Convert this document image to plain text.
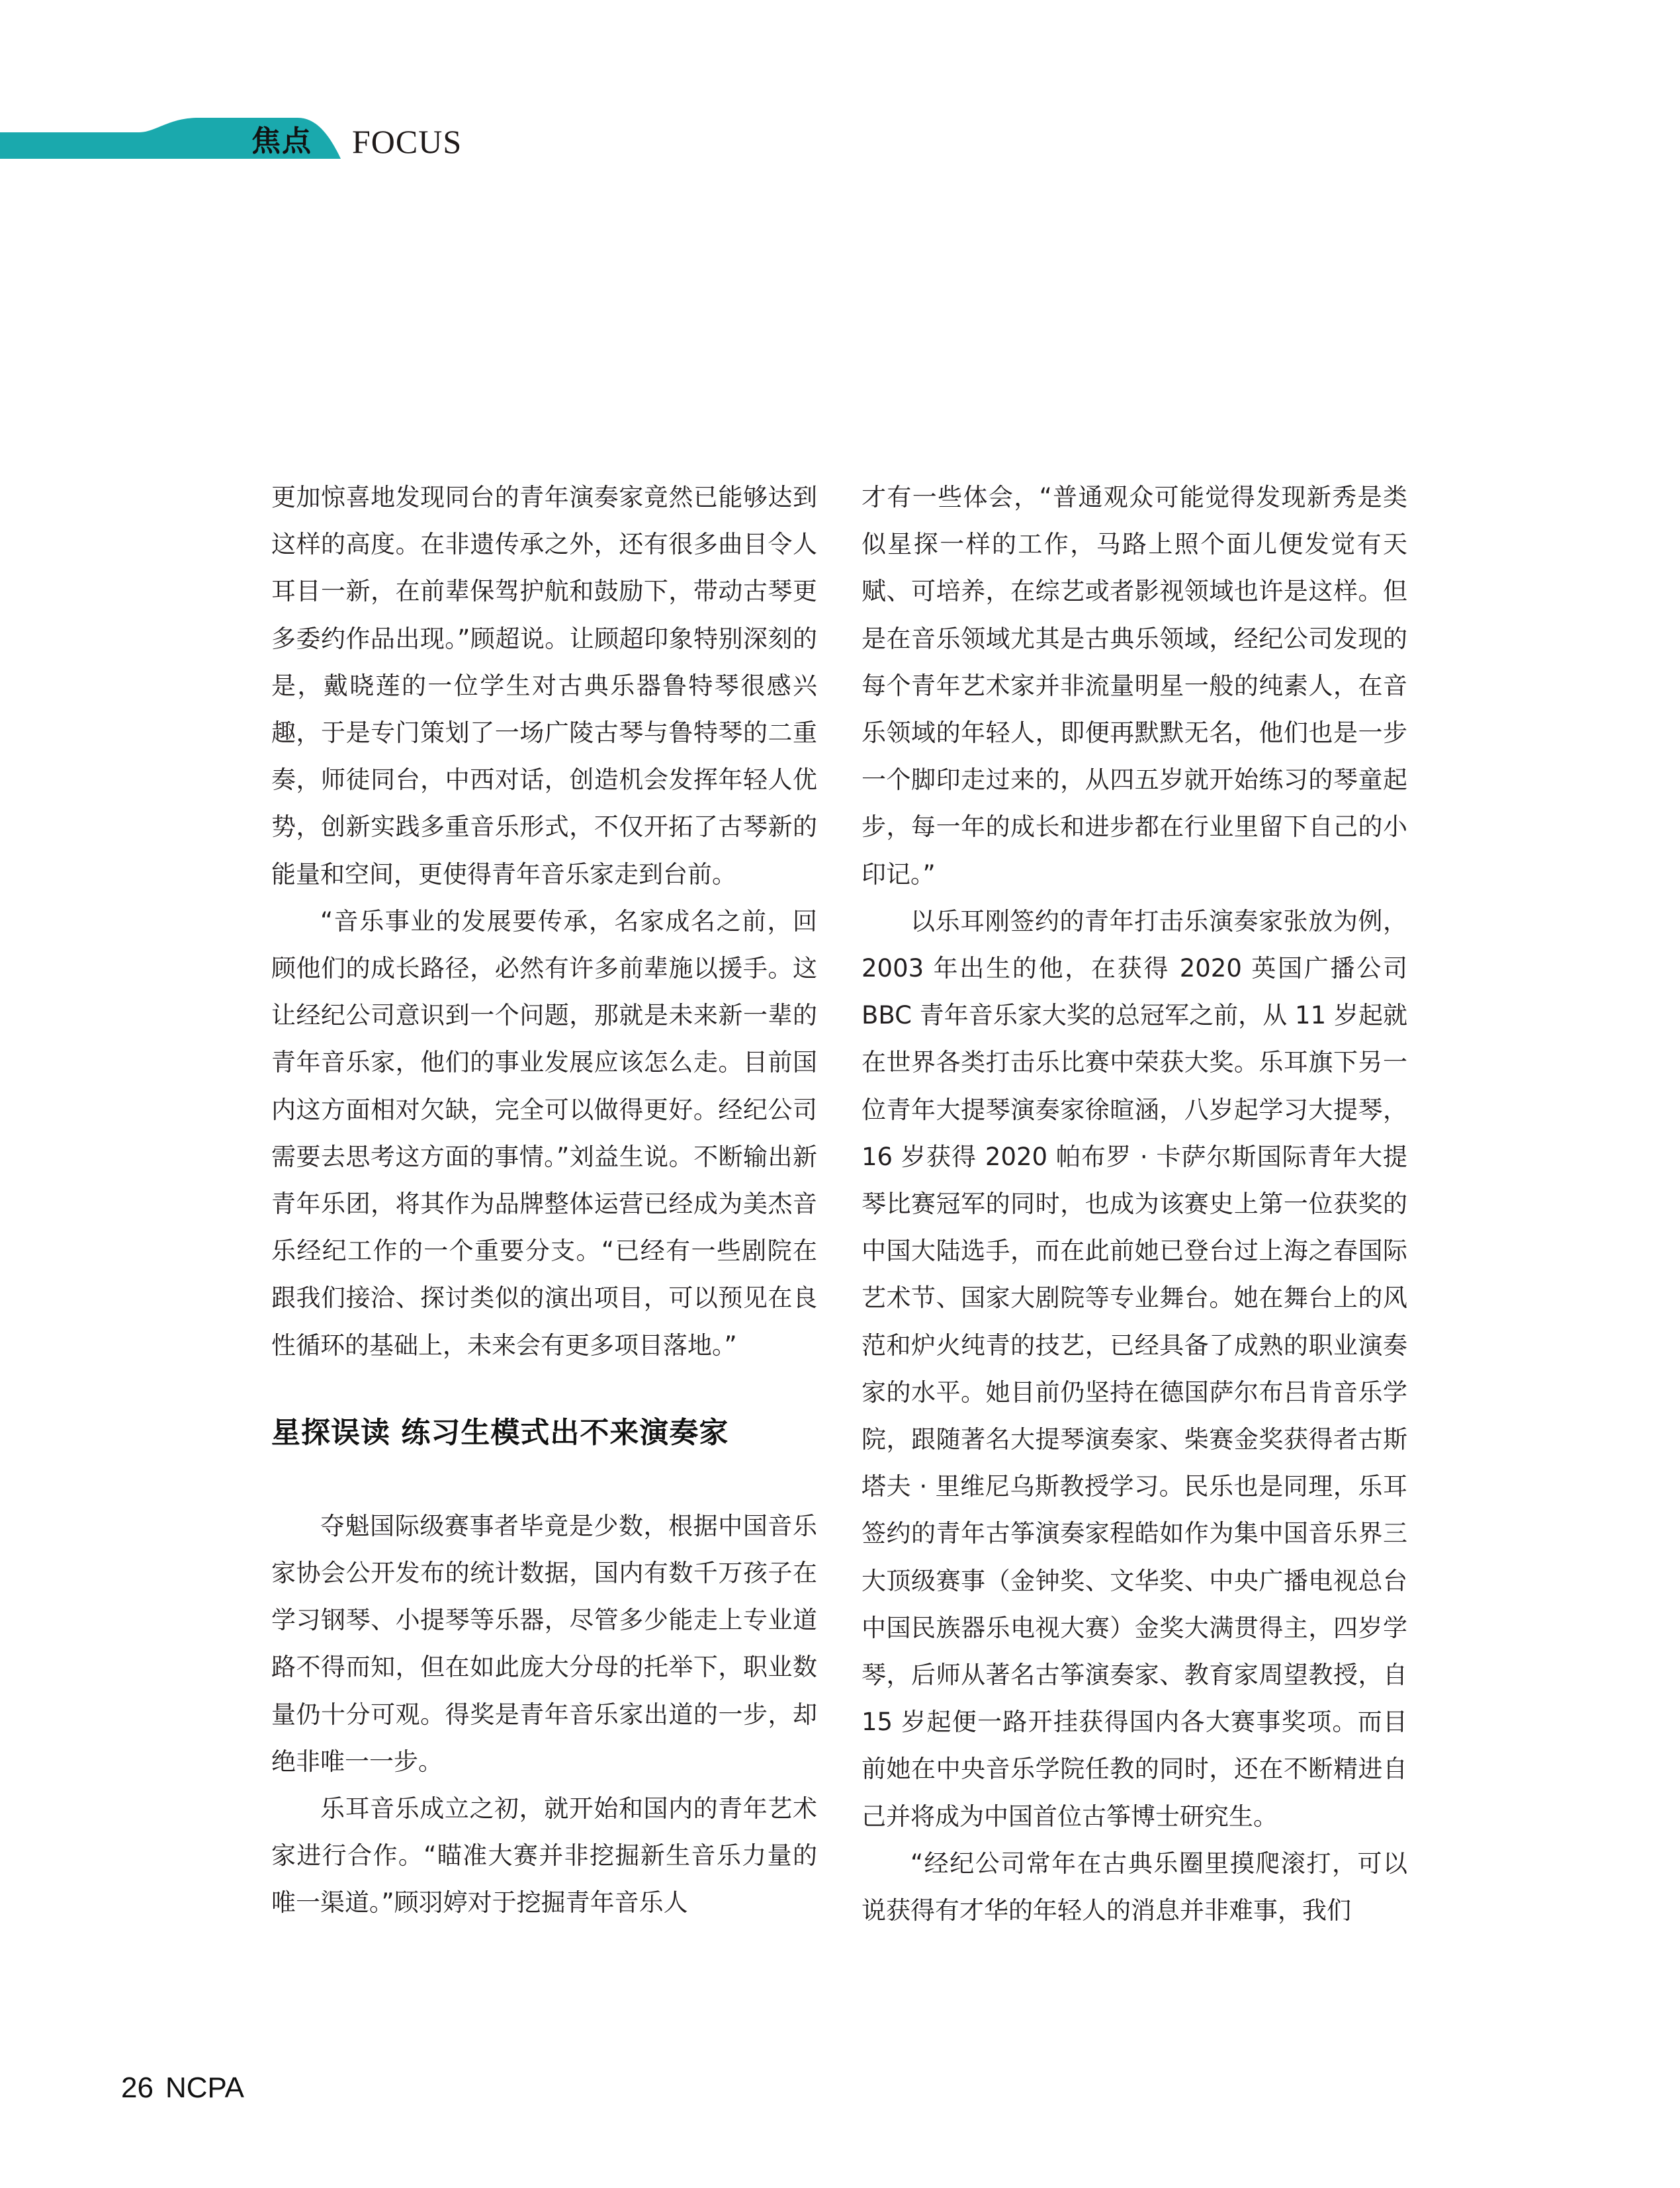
焦点 FOCUS

更加惊喜地发现同台的青年演奏家竟然已能够达到这样的高度。在非遗传承之外，还有很多曲目令人耳目一新，在前辈保驾护航和鼓励下，带动古琴更多委约作品出现。”顾超说。让顾超印象特别深刻的是，戴晓莲的一位学生对古典乐器鲁特琴很感兴趣，于是专门策划了一场广陵古琴与鲁特琴的二重奏，师徒同台，中西对话，创造机会发挥年轻人优势，创新实践多重音乐形式，不仅开拓了古琴新的能量和空间，更使得青年音乐家走到台前。

“音乐事业的发展要传承，名家成名之前，回顾他们的成长路径，必然有许多前辈施以援手。这让经纪公司意识到一个问题，那就是未来新一辈的青年音乐家，他们的事业发展应该怎么走。目前国内这方面相对欠缺，完全可以做得更好。经纪公司需要去思考这方面的事情。”刘益生说。不断输出新青年乐团，将其作为品牌整体运营已经成为美杰音乐经纪工作的一个重要分支。“已经有一些剧院在跟我们接洽、探讨类似的演出项目，可以预见在良性循环的基础上，未来会有更多项目落地。”

星探误读 练习生模式出不来演奏家

夺魁国际级赛事者毕竟是少数，根据中国音乐家协会公开发布的统计数据，国内有数千万孩子在学习钢琴、小提琴等乐器，尽管多少能走上专业道路不得而知，但在如此庞大分母的托举下，职业数量仍十分可观。得奖是青年音乐家出道的一步，却绝非唯一一步。

乐耳音乐成立之初，就开始和国内的青年艺术家进行合作。“瞄准大赛并非挖掘新生音乐力量的唯一渠道。”顾羽婷对于挖掘青年音乐人

才有一些体会，“普通观众可能觉得发现新秀是类似星探一样的工作，马路上照个面儿便发觉有天赋、可培养，在综艺或者影视领域也许是这样。但是在音乐领域尤其是古典乐领域，经纪公司发现的每个青年艺术家并非流量明星一般的纯素人，在音乐领域的年轻人，即便再默默无名，他们也是一步一个脚印走过来的，从四五岁就开始练习的琴童起步，每一年的成长和进步都在行业里留下自己的小印记。”

以乐耳刚签约的青年打击乐演奏家张放为例，2003 年出生的他，在获得 2020 英国广播公司 BBC 青年音乐家大奖的总冠军之前，从 11 岁起就在世界各类打击乐比赛中荣获大奖。乐耳旗下另一位青年大提琴演奏家徐暄涵，八岁起学习大提琴，16 岁获得 2020 帕布罗 · 卡萨尔斯国际青年大提琴比赛冠军的同时，也成为该赛史上第一位获奖的中国大陆选手，而在此前她已登台过上海之春国际艺术节、国家大剧院等专业舞台。她在舞台上的风范和炉火纯青的技艺，已经具备了成熟的职业演奏家的水平。她目前仍坚持在德国萨尔布吕肯音乐学院，跟随著名大提琴演奏家、柴赛金奖获得者古斯塔夫 · 里维尼乌斯教授学习。民乐也是同理，乐耳签约的青年古筝演奏家程皓如作为集中国音乐界三大顶级赛事（金钟奖、文华奖、中央广播电视总台中国民族器乐电视大赛）金奖大满贯得主，四岁学琴，后师从著名古筝演奏家、教育家周望教授，自 15 岁起便一路开挂获得国内各大赛事奖项。而目前她在中央音乐学院任教的同时，还在不断精进自己并将成为中国首位古筝博士研究生。

“经纪公司常年在古典乐圈里摸爬滚打，可以说获得有才华的年轻人的消息并非难事，我们

26 NCPA
